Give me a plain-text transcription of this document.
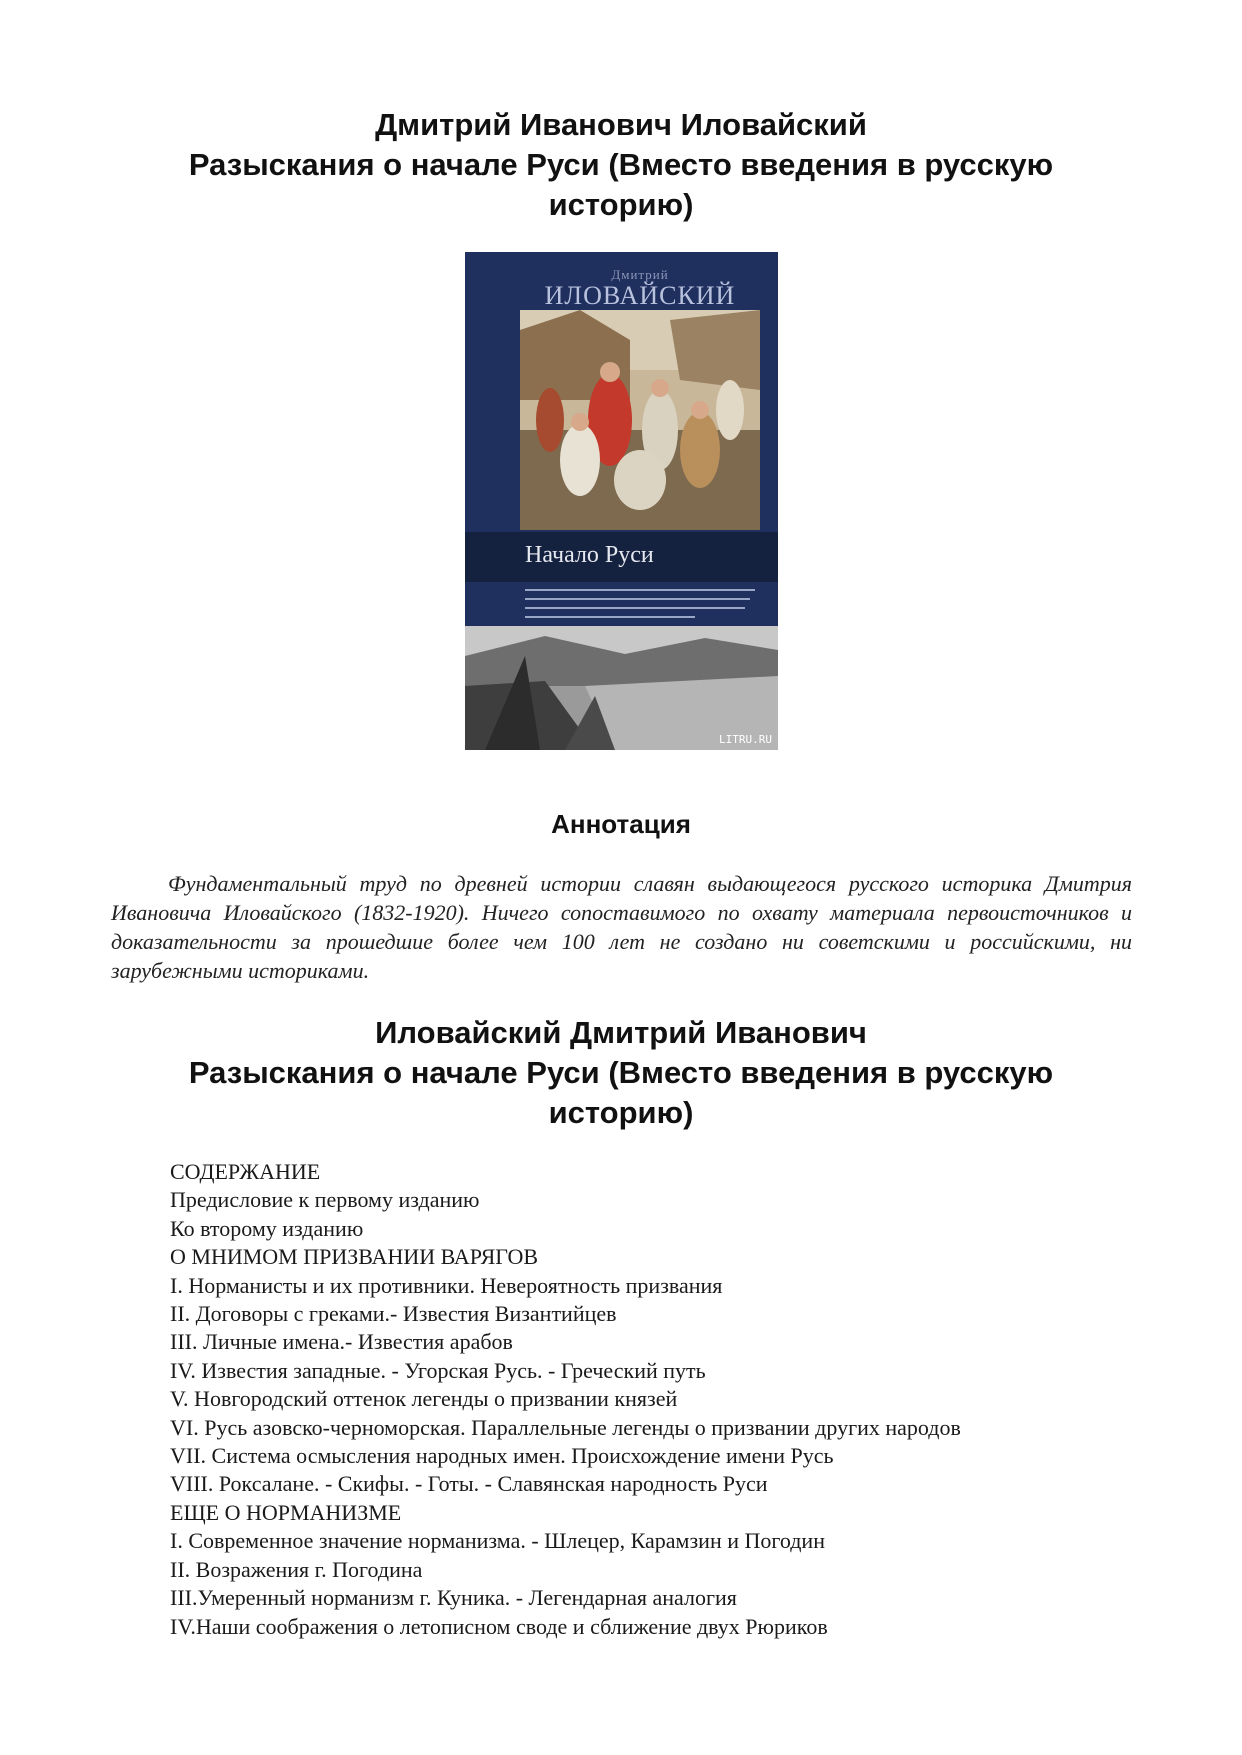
Дмитрий Иванович Иловайский
Разыскания о начале Руси (Вместо введения в русскую
историю)
Дмитрий
ИЛОВАЙСКИЙ
Начало Руси
LITRU.RU
Аннотация
Фундаментальный труд по древней истории славян выдающегося русского историка Дмитрия Ивановича Иловайского (1832-1920). Ничего сопоставимого по охвату материала первоисточников и доказательности за прошедшие более чем 100 лет не создано ни советскими и российскими, ни зарубежными историками.
Иловайский Дмитрий Иванович
Разыскания о начале Руси (Вместо введения в русскую
историю)
СОДЕРЖАНИЕ
Предисловие к первому изданию
Ко второму изданию
О МНИМОМ ПРИЗВАНИИ ВАРЯГОВ
I. Норманисты и их противники. Невероятность призвания
II. Договоры с греками.- Известия Византийцев
III. Личные имена.- Известия арабов
IV. Известия западные. - Угорская Русь. - Греческий путь
V. Новгородский оттенок легенды о призвании князей
VI. Русь азовско-черноморская. Параллельные легенды о призвании других народов
VII. Система осмысления народных имен. Происхождение имени Русь
VIII. Роксалане. - Скифы. - Готы. - Славянская народность Руси
ЕЩЕ О НОРМАНИЗМЕ
I. Современное значение норманизма. - Шлецер, Карамзин и Погодин
II. Возражения г. Погодина
III.Умеренный норманизм г. Куника. - Легендарная аналогия
IV.Наши соображения о летописном своде и сближение двух Рюриков
